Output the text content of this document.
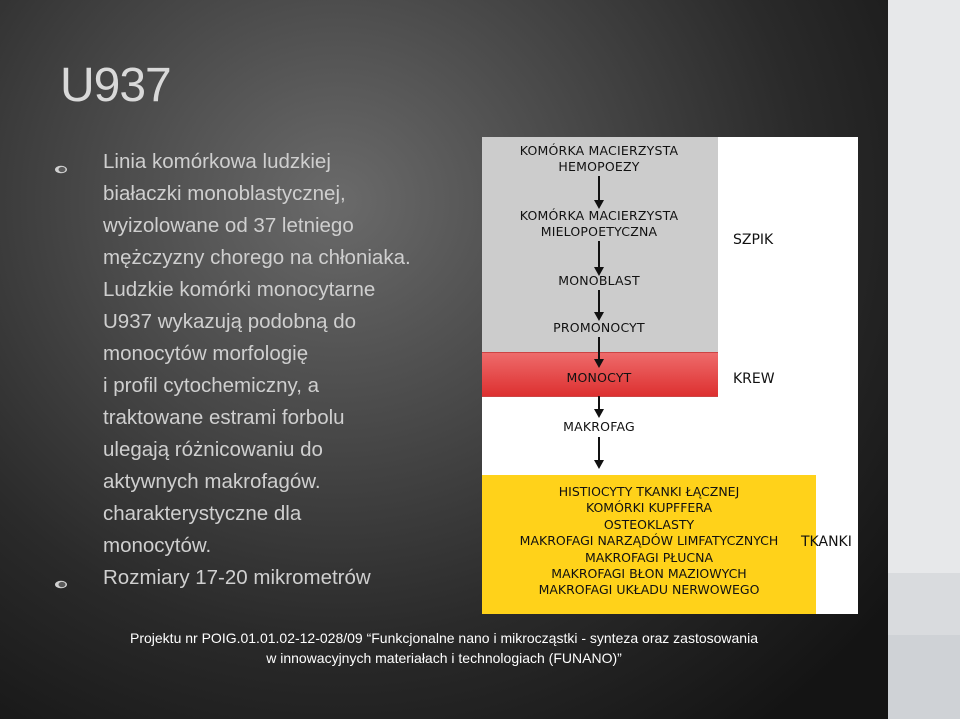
U937
Linia komórkowa ludzkiej
białaczki monoblastycznej,
wyizolowane od 37 letniego
mężczyzny chorego na chłoniaka.
Ludzkie komórki monocytarne
U937 wykazują podobną do
monocytów morfologię
i profil cytochemiczny, a
traktowane estrami forbolu
ulegają różnicowaniu do
aktywnych makrofagów.
charakterystyczne dla
monocytów.
Rozmiary 17-20 mikrometrów
KOMÓRKA MACIERZYSTA
HEMOPOEZY
KOMÓRKA MACIERZYSTA
MIELOPOETYCZNA
MONOBLAST
PROMONOCYT
MONOCYT
MAKROFAG
SZPIK
KREW
TKANKI
HISTIOCYTY TKANKI ŁĄCZNEJ
KOMÓRKI KUPFFERA
OSTEOKLASTY
MAKROFAGI NARZĄDÓW LIMFATYCZNYCH
MAKROFAGI PŁUCNA
MAKROFAGI BŁON MAZIOWYCH
MAKROFAGI UKŁADU NERWOWEGO
Projektu nr POIG.01.01.02-12-028/09 “Funkcjonalne nano i mikrocząstki - synteza oraz zastosowania
w innowacyjnych materiałach i technologiach (FUNANO)”
